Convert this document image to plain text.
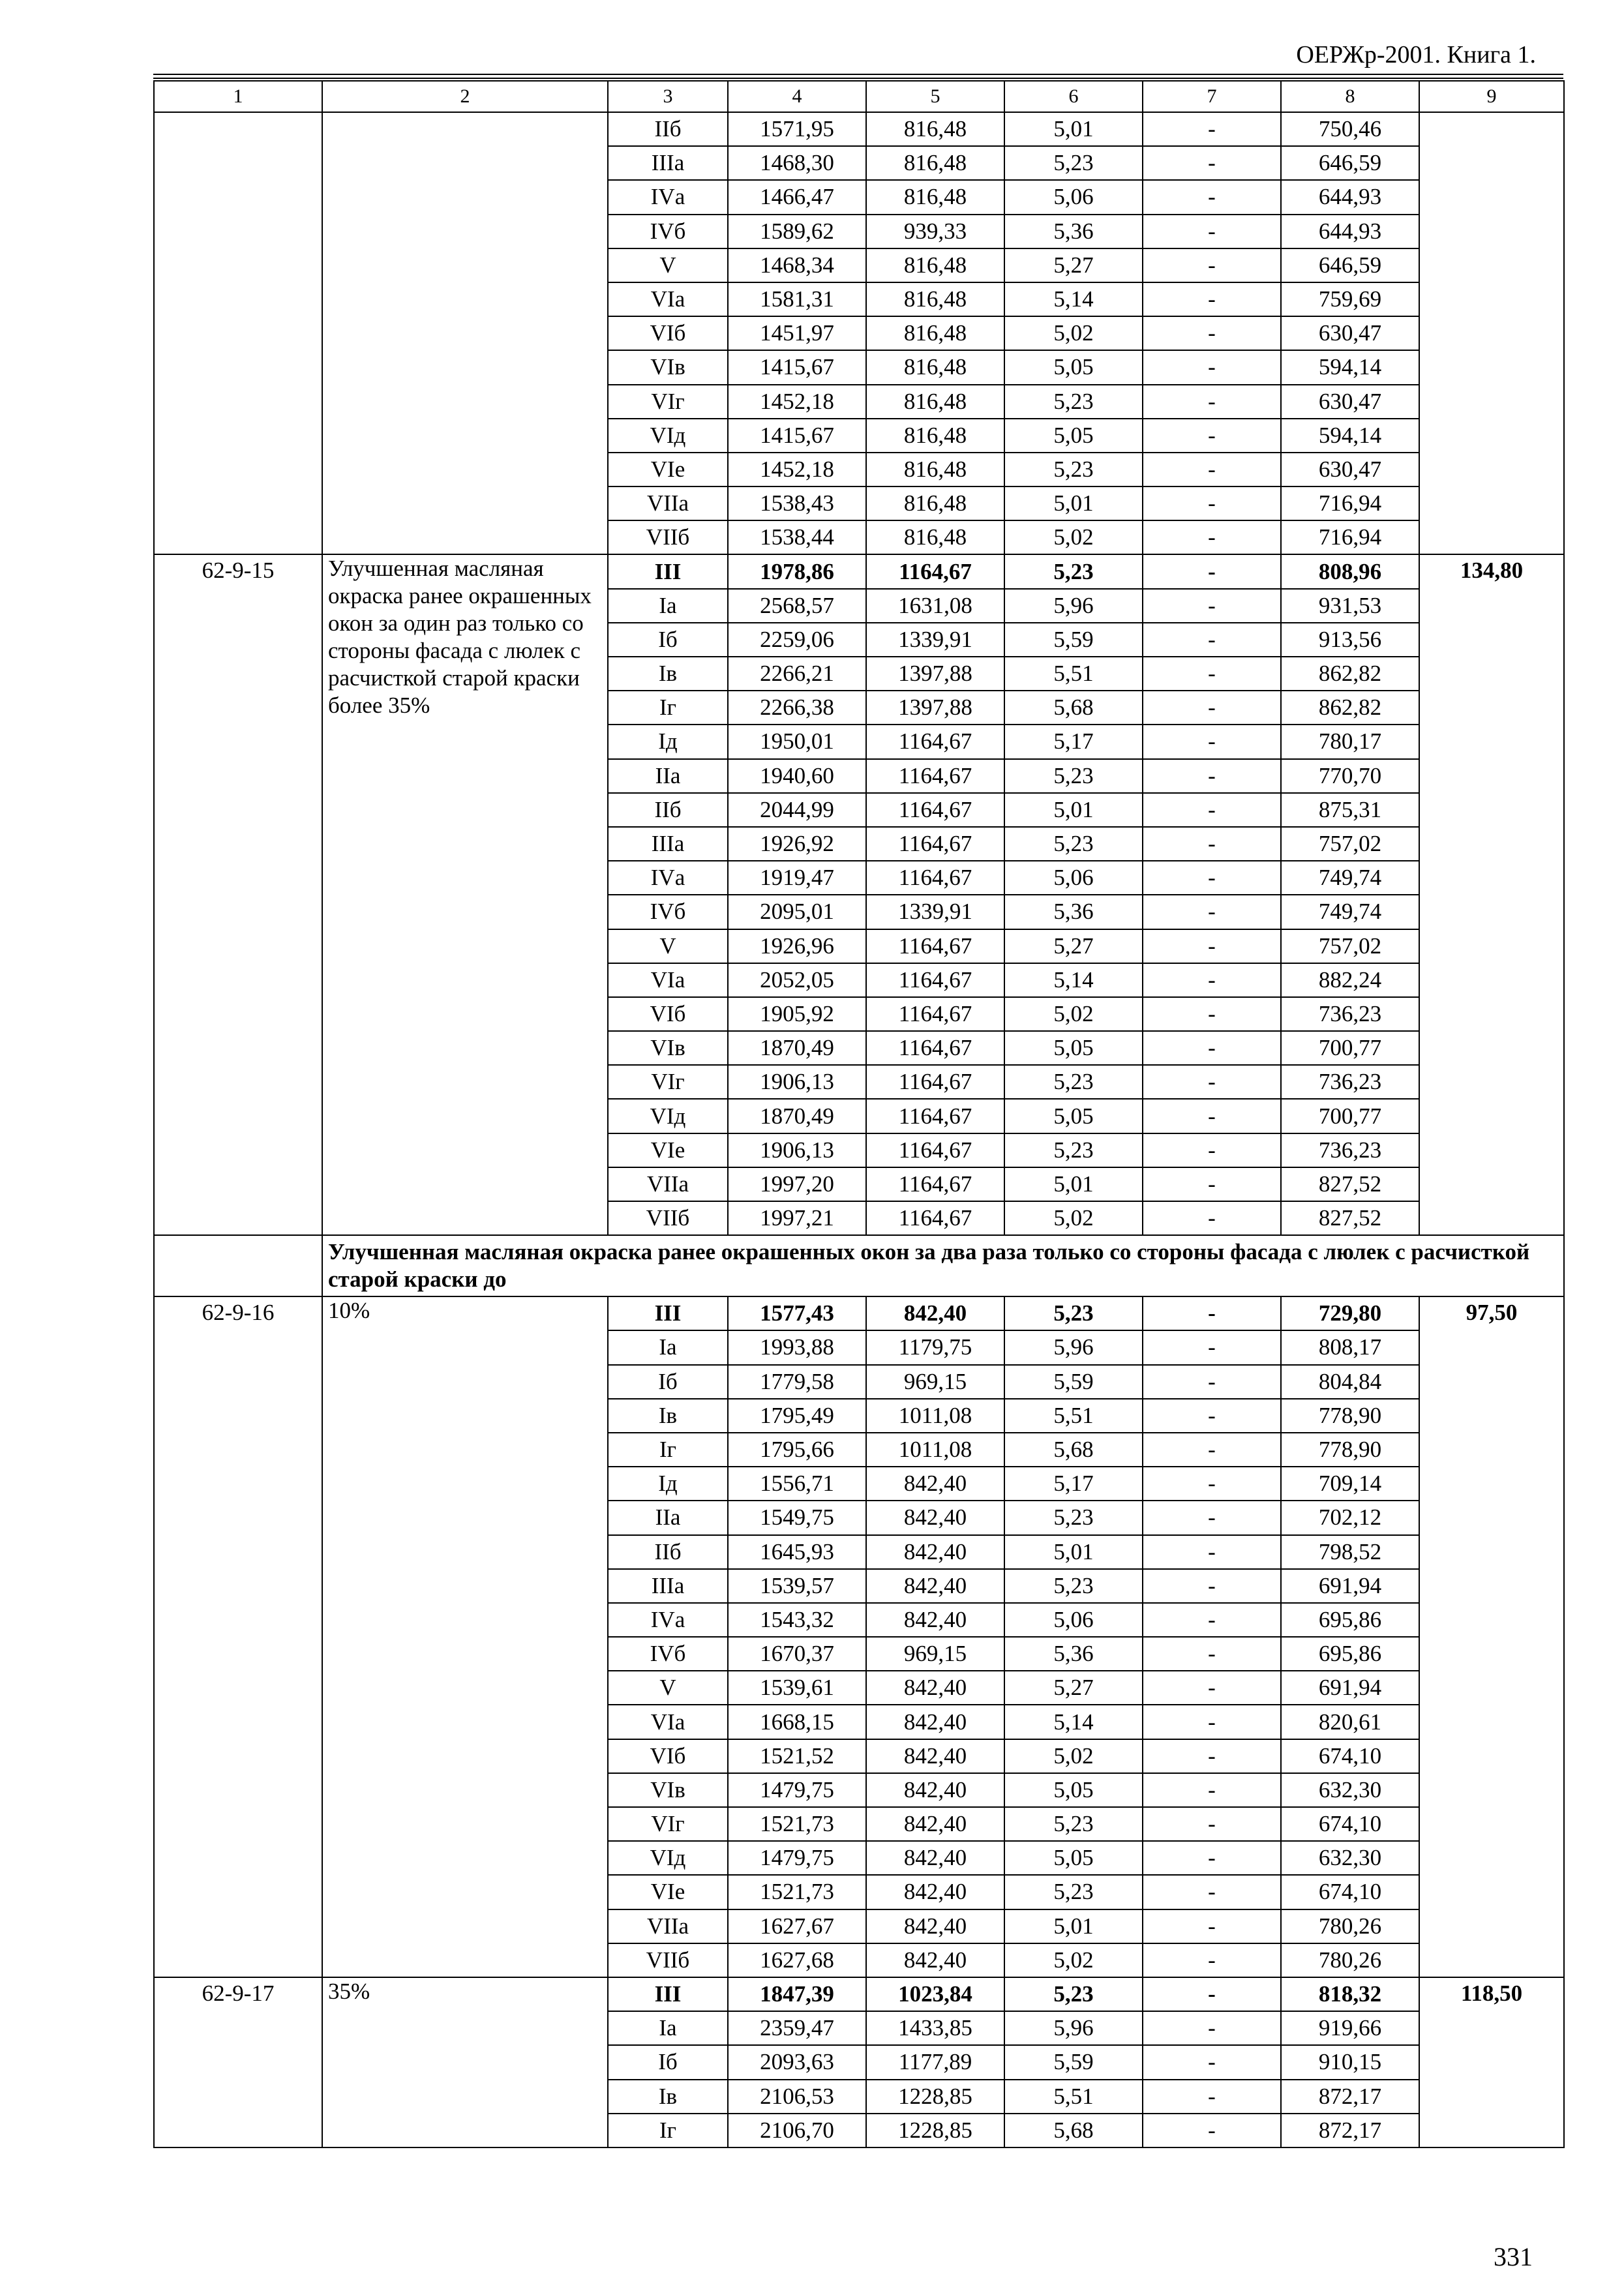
ОЕРЖр-2001. Книга 1.
1	2	3	4	5	6	7	8	9
		IIб	1571,95	816,48	5,01	-	750,46	
		IIIа	1468,30	816,48	5,23	-	646,59	
		IVа	1466,47	816,48	5,06	-	644,93	
		IVб	1589,62	939,33	5,36	-	644,93	
		V	1468,34	816,48	5,27	-	646,59	
		VIа	1581,31	816,48	5,14	-	759,69	
		VIб	1451,97	816,48	5,02	-	630,47	
		VIв	1415,67	816,48	5,05	-	594,14	
		VIг	1452,18	816,48	5,23	-	630,47	
		VIд	1415,67	816,48	5,05	-	594,14	
		VIе	1452,18	816,48	5,23	-	630,47	
		VIIа	1538,43	816,48	5,01	-	716,94	
		VIIб	1538,44	816,48	5,02	-	716,94	
62-9-15	Улучшенная масляная окраска ранее окрашенных окон за один раз только со стороны фасада с люлек с расчисткой старой краски более 35%	III	1978,86	1164,67	5,23	-	808,96	134,80
		Iа	2568,57	1631,08	5,96	-	931,53	
		Iб	2259,06	1339,91	5,59	-	913,56	
		Iв	2266,21	1397,88	5,51	-	862,82	
		Iг	2266,38	1397,88	5,68	-	862,82	
		Iд	1950,01	1164,67	5,17	-	780,17	
		IIа	1940,60	1164,67	5,23	-	770,70	
		IIб	2044,99	1164,67	5,01	-	875,31	
		IIIа	1926,92	1164,67	5,23	-	757,02	
		IVа	1919,47	1164,67	5,06	-	749,74	
		IVб	2095,01	1339,91	5,36	-	749,74	
		V	1926,96	1164,67	5,27	-	757,02	
		VIа	2052,05	1164,67	5,14	-	882,24	
		VIб	1905,92	1164,67	5,02	-	736,23	
		VIв	1870,49	1164,67	5,05	-	700,77	
		VIг	1906,13	1164,67	5,23	-	736,23	
		VIд	1870,49	1164,67	5,05	-	700,77	
		VIе	1906,13	1164,67	5,23	-	736,23	
		VIIа	1997,20	1164,67	5,01	-	827,52	
		VIIб	1997,21	1164,67	5,02	-	827,52	
	Улучшенная масляная окраска ранее окрашенных окон за два раза только со стороны фасада с люлек с расчисткой старой краски до							
62-9-16	10%	III	1577,43	842,40	5,23	-	729,80	97,50
		Iа	1993,88	1179,75	5,96	-	808,17	
		Iб	1779,58	969,15	5,59	-	804,84	
		Iв	1795,49	1011,08	5,51	-	778,90	
		Iг	1795,66	1011,08	5,68	-	778,90	
		Iд	1556,71	842,40	5,17	-	709,14	
		IIа	1549,75	842,40	5,23	-	702,12	
		IIб	1645,93	842,40	5,01	-	798,52	
		IIIа	1539,57	842,40	5,23	-	691,94	
		IVа	1543,32	842,40	5,06	-	695,86	
		IVб	1670,37	969,15	5,36	-	695,86	
		V	1539,61	842,40	5,27	-	691,94	
		VIа	1668,15	842,40	5,14	-	820,61	
		VIб	1521,52	842,40	5,02	-	674,10	
		VIв	1479,75	842,40	5,05	-	632,30	
		VIг	1521,73	842,40	5,23	-	674,10	
		VIд	1479,75	842,40	5,05	-	632,30	
		VIе	1521,73	842,40	5,23	-	674,10	
		VIIа	1627,67	842,40	5,01	-	780,26	
		VIIб	1627,68	842,40	5,02	-	780,26	
62-9-17	35%	III	1847,39	1023,84	5,23	-	818,32	118,50
		Iа	2359,47	1433,85	5,96	-	919,66	
		Iб	2093,63	1177,89	5,59	-	910,15	
		Iв	2106,53	1228,85	5,51	-	872,17	
		Iг	2106,70	1228,85	5,68	-	872,17	
331
